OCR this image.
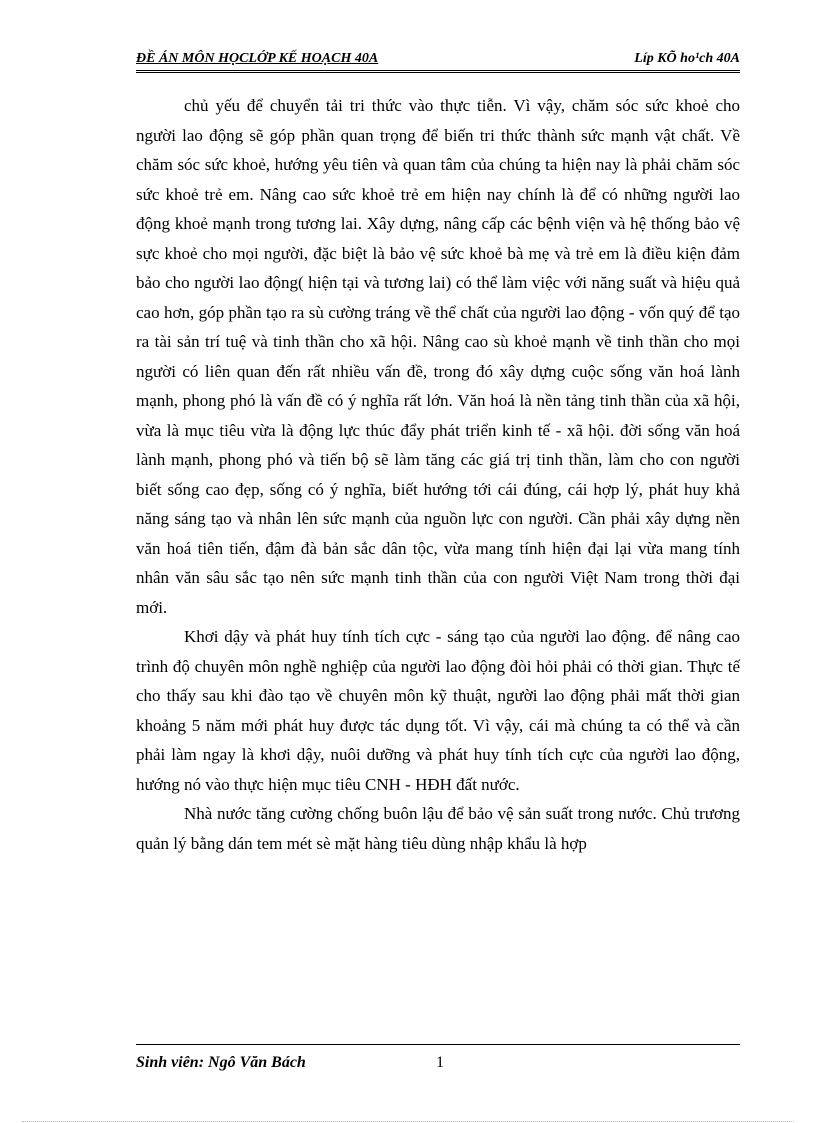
ĐỀ ÁN MÔN HỌCLỚP KẾ HOẠCH 40A	Líp KÕ ho¹ch 40A

chủ yếu để chuyển tải tri thức vào thực tiễn. Vì vậy, chăm sóc sức khoẻ cho người lao động sẽ góp phần quan trọng để biến tri thức thành sức mạnh vật chất. Về chăm sóc sức khoẻ, hướng yêu tiên và quan tâm của chúng ta hiện nay là phải chăm sóc sức khoẻ trẻ em. Nâng cao sức khoẻ trẻ em hiện nay chính là để có những người lao động khoẻ mạnh trong tương lai. Xây dựng, nâng cấp các bệnh viện và hệ thống bảo vệ sực khoẻ cho mọi người, đặc biệt là bảo vệ sức khoẻ bà mẹ và trẻ em là điều kiện đảm bảo cho người lao động( hiện tại và tương lai) có thể làm việc với năng suất và hiệu quả cao hơn, góp phần tạo ra sù cường tráng về thể chất của người lao động - vốn quý để tạo ra tài sản trí tuệ và tinh thần cho xã hội. Nâng cao sù khoẻ mạnh về tinh thần cho mọi người có liên quan đến rất nhiều vấn đề, trong đó xây dựng cuộc sống văn hoá lành mạnh, phong phó là vấn đề có ý nghĩa rất lớn. Văn hoá là nền tảng tinh thần của xã hội, vừa là mục tiêu vừa là động lực thúc đẩy phát triển kinh tế - xã hội. đời sống văn hoá lành mạnh, phong phó và tiến bộ sẽ làm tăng các giá trị tinh thần, làm cho con người biết sống cao đẹp, sống có ý nghĩa, biết hướng tới cái đúng, cái hợp lý, phát huy khả năng sáng tạo và nhân lên sức mạnh của nguồn lực con người. Cần phải xây dựng nền văn hoá tiên tiến, đậm đà bản sắc dân tộc, vừa mang tính hiện đại lại vừa mang tính nhân văn sâu sắc tạo nên sức mạnh tinh thần của con người Việt Nam trong thời đại mới.

Khơi dậy và phát huy tính tích cực - sáng tạo của người lao động. để nâng cao trình độ chuyên môn nghề nghiệp của người lao động đòi hỏi phải có thời gian. Thực tế cho thấy sau khi đào tạo về chuyên môn kỹ thuật, người lao động phải mất thời gian khoảng 5 năm mới phát huy được tác dụng tốt. Vì vậy, cái mà chúng ta có thể và cần phải làm ngay là khơi dậy, nuôi dưỡng và phát huy tính tích cực của người lao động, hướng nó vào thực hiện mục tiêu CNH - HĐH đất nước.

Nhà nước tăng cường chống buôn lậu để bảo vệ sản suất trong nước. Chủ trương quản lý bằng dán tem mét sè mặt hàng tiêu dùng nhập khẩu là hợp

Sinh viên: Ngô Văn Bách	1
